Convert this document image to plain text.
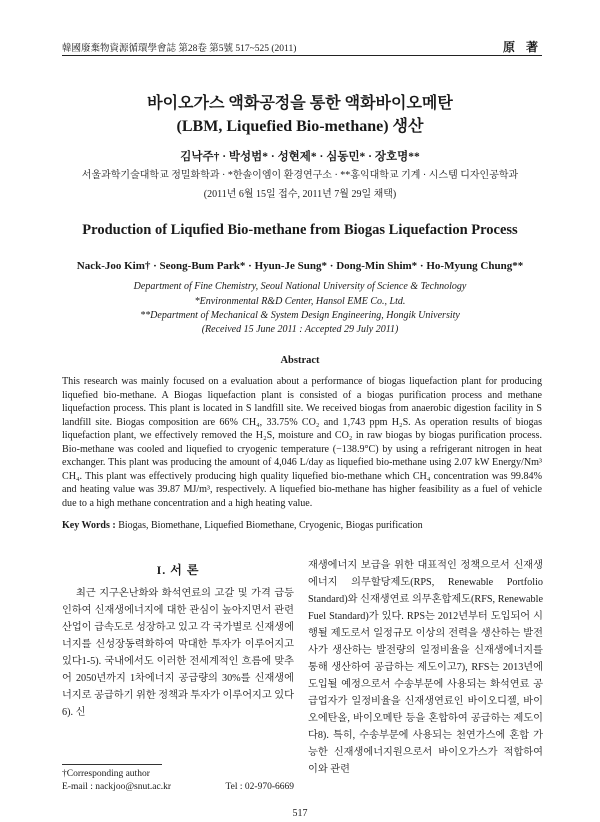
韓國廢棄物資源循環學會誌 第28卷 第5號 517~525 (2011)	原 著
바이오가스 액화공정을 통한 액화바이오메탄
(LBM, Liquefied Bio-methane) 생산
김낙주† · 박성범* · 성현제* · 심동민* · 장호명**
서울과학기술대학교 정밀화학과 · *한솔이엠이 환경연구소 · **홍익대학교 기계 · 시스템 디자인공학과
(2011년 6월 15일 접수, 2011년 7월 29일 채택)
Production of Liqufied Bio-methane from Biogas Liquefaction Process
Nack-Joo Kim† · Seong-Bum Park* · Hyun-Je Sung* · Dong-Min Shim* · Ho-Myung Chung**
Department of Fine Chemistry, Seoul National University of Science & Technology
*Environmental R&D Center, Hansol EME Co., Ltd.
**Department of Mechanical & System Design Engineering, Hongik University
(Received 15 June 2011 : Accepted 29 July 2011)
Abstract
This research was mainly focused on a evaluation about a performance of biogas liquefaction plant for producing liquefied bio-methane. A Biogas liquefaction plant is consisted of a biogas purification process and methane liquefaction process. This plant is located in S landfill site. We received biogas from anaerobic digestion facility in S landfill site. Biogas composition are 66% CH₄, 33.75% CO₂ and 1,743 ppm H₂S. As operation results of biogas liquefaction plant, we effectively removed the H₂S, moisture and CO₂ in raw biogas by biogas purification process. Bio-methane was cooled and liquefied to cryogenic temperature (−138.9°C) by using a refrigerant nitrogen in heat exchanger. This plant was producing the amount of 4,046 L/day as liquefied bio-methane using 2.07 kW Energy/Nm³ CH₄. This plant was effectively producing high quality liquefied bio-methane which CH₄ concentration was 99.84% and heating value was 39.87 MJ/m³, respectively. A liquefied bio-methane has higher feasibility as a fuel of vehicle due to a high methane concentration and a high heating value.
Key Words : Biogas, Biomethane, Liquefied Biomethane, Cryogenic, Biogas purification
I. 서 론
최근 지구온난화와 화석연료의 고갈 및 가격 급등 인하여 신재생에너지에 대한 관심이 높아지면서 관련 산업이 급속도로 성장하고 있고 각 국가별로 신재생에너지를 신성장동력화하여 막대한 투자가 이루어지고 있다1-5). 국내에서도 이러한 전세계적인 흐름에 맞추어 2050년까지 1차에너지 공급량의 30%를 신재생에너지로 공급하기 위한 정책과 투자가 이루어지고 있다6). 신
재생에너지 보급을 위한 대표적인 정책으로서 신재생에너지 의무할당제도(RPS, Renewable Portfolio Standard)와 신재생연료 의무혼합제도(RFS, Renewable Fuel Standard)가 있다. RPS는 2012년부터 도입되어 시행될 제도로서 일정규모 이상의 전력을 생산하는 발전사가 생산하는 발전량의 일정비율을 신재생에너지를 통해 생산하여 공급하는 제도이고7), RFS는 2013년에 도입될 예정으로서 수송부문에 사용되는 화석연료 공급업자가 일정비율을 신재생연료인 바이오디젤, 바이오에탄올, 바이오메탄 등을 혼합하여 공급하는 제도이다8). 특히, 수송부문에 사용되는 천연가스에 혼합 가능한 신재생에너지원으로서 바이오가스가 적합하여 이와 관련
†Corresponding author
E-mail : nackjoo@snut.ac.kr	Tel : 02-970-6669
517
